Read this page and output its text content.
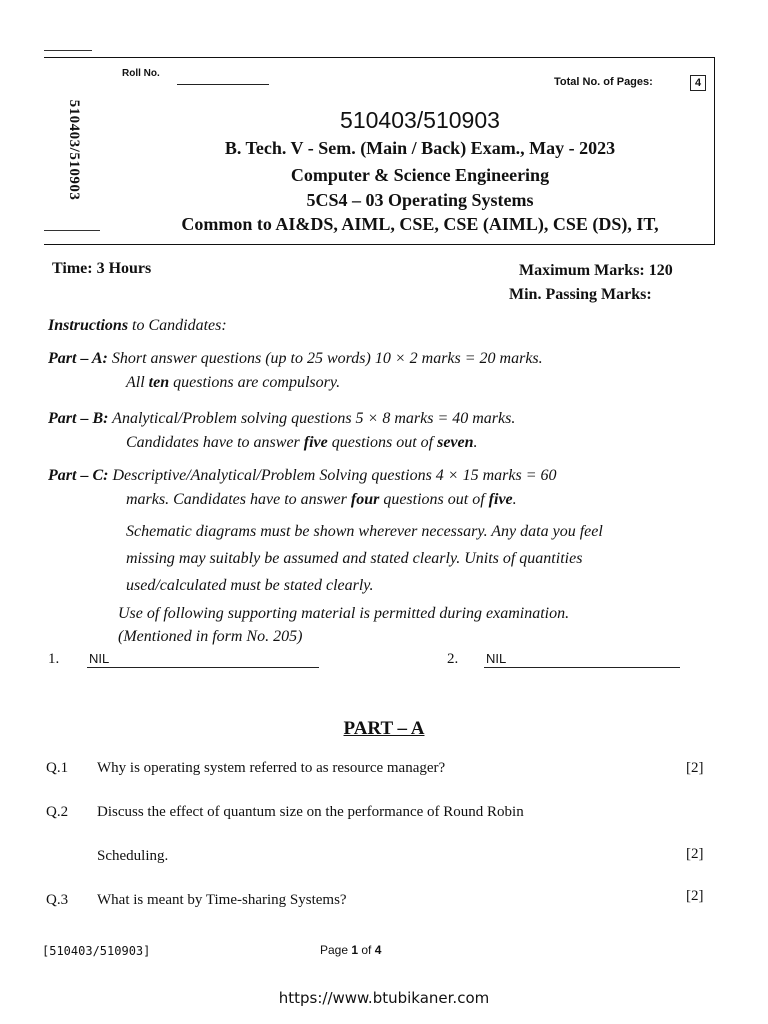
510403/510903
Roll No.
Total No. of Pages:	4
510403/510903
B. Tech. V - Sem. (Main / Back) Exam., May - 2023
Computer & Science Engineering
5CS4 – 03 Operating Systems
Common to AI&DS, AIML, CSE, CSE (AIML), CSE (DS), IT,
Time: 3 Hours	Maximum Marks: 120
Min. Passing Marks:
Instructions to Candidates:
Part – A: Short answer questions (up to 25 words) 10 × 2 marks = 20 marks.
All ten questions are compulsory.
Part – B: Analytical/Problem solving questions 5 × 8 marks = 40 marks.
Candidates have to answer five questions out of seven.
Part – C: Descriptive/Analytical/Problem Solving questions 4 × 15 marks = 60
marks. Candidates have to answer four questions out of five.
Schematic diagrams must be shown wherever necessary. Any data you feel
missing may suitably be assumed and stated clearly. Units of quantities
used/calculated must be stated clearly.
Use of following supporting material is permitted during examination.
(Mentioned in form No. 205)
1. NIL	2. NIL
PART – A
Q.1 Why is operating system referred to as resource manager?	[2]
Q.2 Discuss the effect of quantum size on the performance of Round Robin
Scheduling.	[2]
Q.3 What is meant by Time-sharing Systems?	[2]
[510403/510903]	Page 1 of 4
https://www.btubikaner.com
